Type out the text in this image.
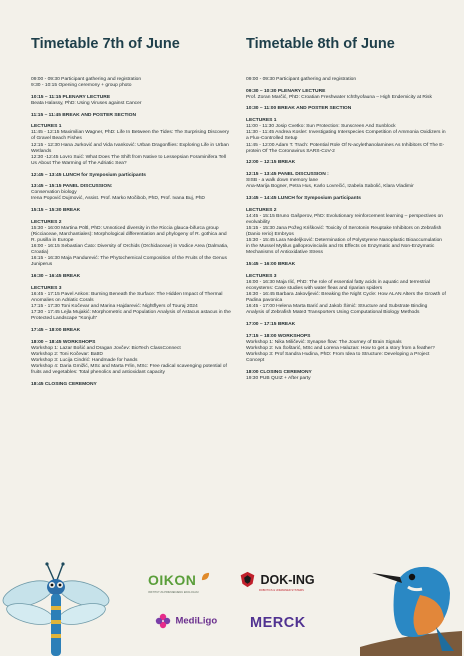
Timetable 7th of June
09:00 - 09:30 Participant gathering and registration
9:30 - 10:15 Opening ceremony + group photo
10:15 – 11:15 PLENARY LECTURE
Beata Halassy, PhD: Using Viruses against Cancer
11:15 – 11:45 BREAK AND POSTER SECTION
LECTURES 1
11:45 - 12:15 Maximilian Wagner, PhD: Life In Between the Tides: The Surprising Discovery of Gravel Beach Fishes
12:15 - 12:30 Hana Jurković and Vida Ivanković: Urban Dragonflies: Exploring Life in Urban Wetlands
12:30 -12:45 Lovro Suić: What Does The Shift from Native to Lessepsian Foraminifera Tell Us About The Warming of The Adriatic Sea?
12:45 – 13:45 LUNCH for Symposium participants
13:45 – 15:15 PANEL DISCUSSION:
Conservation biology
Irena Popović Dujmović, Assist. Prof. Marko Močibob, PhD, Prof. Ivana Buj, PhD
15:15 – 15:30 BREAK
LECTURES 2
15:30 - 16:00 Martina Pöltl, PhD: Unnoticed diversity in the Riccia glauca-bifurca group (Ricciaceae, Marchantiales): Morphological differentiation and phylogeny of R. gothica and R. pusilla in Europe
16:00 - 16:15 Sebastian Ćato: Diversity of Orchids (Orchidaceae) in Vodice Area (Dalmatia, Croatia)
16:15 - 16:30 Maja Pandurević: The Phytochemical Composition of the Fruits of the Genus Juniperus
16:30 – 16:45 BREAK
LECTURES 3
16:45 - 17:15 Pavel Ankon: Burning Beneath the Surface: The Hidden Impact of Thermal Anomalies on Adriatic Corals
17:15 - 17:30 Toni Kočevar and Marina Hajdarević: Nightflyers of Touraj 2024
17:30 - 17:45 Lejla Mujakić: Morphometric and Population Analysis of Astacus astacus in the Protected Landscape "Konjuh"
17:45 – 18:00 BREAK
18:00 – 18:45 WORKSHOPS
Workshop 1: Lazar Bošić and Dragan Jovčev: BioTech ClassConnect
Workshop 2: Toni Kočevar: BatID
Workshop 3: Lucija Cindrić: Handmade for hands
Workshop 4: Daria Gmižić, MSc and Marta Frlin, MSc: Free radical scavenging potential of fruits and vegetables: Total phenolics and antioxidant capacity
18:45 CLOSING CEREMONY
Timetable 8th of June
09:00 - 09:30 Participant gathering and registration
09:30 – 10:30 PLENARY LECTURE
Prof. Zoran Marčić, PhD: Croatian Freshwater Ichthyofauna – High Endemicity at Risk
10:30 – 11:00 BREAK AND POSTER SECTION
LECTURES 1
11:00 - 11:30 Josip Cvetko: Sun Protection: Sunscreen And Sunblock
11:30 - 11:45 Andrea Kosler: Investigating Interspecies Competition of Ammonia Oxidizers in a Flux-Controlled Setup
11:45 - 12:00 Adam T. Trach: Potential Role Of N-acylethanolamines As Inhibitors Of The E-protein Of The Coronavirus SARS-CoV-2
12:00 – 12:15 BREAK
12:15 – 13:45 PANEL DISCUSSION :
SISB - a walk down memory lane
Ana-Marija Bogner, Petra Hus, Karlo Lovrečić, Izabela Sabolić, Klara Vladimir
13:45 – 14:45 LUNCH for Symposium participants
LECTURES 2
14:45 - 15:15 Bruno Gašperov, PhD: Evolutionary reinforcement learning – perspectives on evolvability
15:15 - 15:30 Jana Požeg Krišković: Toxicity of Serotonin Reuptake Inhibitors on Zebrafish (Danio rerio) Embryos
15:30 - 15:45 Lara Nedeljković: Determination of Polystyrene Nanoplastic Bioaccumulation in the Mussel Mytilus galloprovincialis and Its Effects on Enzymatic and Non-Enzymatic Mechanisms of Antioxidative Stress
15:45 – 16:00 BREAK
LECTURES 3
16:00 - 16:30 Maja Ilić, PhD: The role of essential fatty acids in aquatic and terrestrial ecosystems: Case studies with water fleas and riparian spiders
16:30 - 16:45 Barbara Jakovljević: Breaking the Night Cycle: How ALAN Alters the Growth of Padina pavonica
16:45 - 17:00 Helena Marta Barić and Jakob Šimić: Structure and Substrate Binding Analysis of Zebrafish Mate3 Transporters Using Computational Biology Methods
17:00 – 17:15 BREAK
17:15 – 18:00 WORKSHOPS
Workshop 1: Nika Miličević: Synapse flow: The Journey of Brain Signals
Workshop 2: Iva Šoštarić, MSc and Lorena Haluzan: How to get a story from a feather?
Workshop 3: Prof Sandra Hudina, PhD: From Idea to Structure: Developing a Project Concept
18:00 CLOSING CEREMONY
19:30 PUB QUIZ + After party
OIKON
INSTITUT ZA PRIMIJENJENU EKOLOGIJU
DOK-ING
ROBOTICS & UNMANNED SYSTEMS
MediLigo	MERCK
